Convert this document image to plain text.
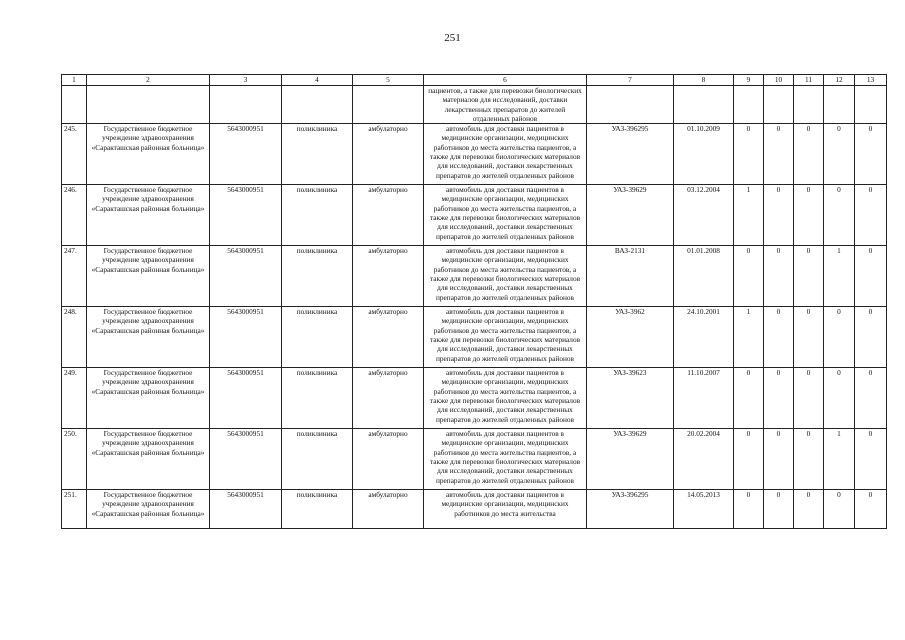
251
1	2	3	4	5	6	7	8	9	10	11	12	13
					пациентов, а также для перевозки биологических материалов для исследований, доставки лекарственных препаратов до жителей отдаленных районов							
245.	Государственное бюджетное учреждение здравоохранения «Саракташская районная больница»	5643000951	поликлиника	амбулаторно	автомобиль для доставки пациентов в медицинские организации, медицинских работников до места жительства пациентов, а также для перевозки биологических материалов для исследований, доставки лекарственных препаратов до жителей отдаленных районов	УАЗ-396295	01.10.2009	0	0	0	0	0
246.	Государственное бюджетное учреждение здравоохранения «Саракташская районная больница»	5643000951	поликлиника	амбулаторно	автомобиль для доставки пациентов в медицинские организации, медицинских работников до места жительства пациентов, а также для перевозки биологических материалов для исследований, доставки лекарственных препаратов до жителей отдаленных районов	УАЗ-39629	03.12.2004	1	0	0	0	0
247.	Государственное бюджетное учреждение здравоохранения «Саракташская районная больница»	5643000951	поликлиника	амбулаторно	автомобиль для доставки пациентов в медицинские организации, медицинских работников до места жительства пациентов, а также для перевозки биологических материалов для исследований, доставки лекарственных препаратов до жителей отдаленных районов	ВАЗ-2131	01.01.2008	0	0	0	1	0
248.	Государственное бюджетное учреждение здравоохранения «Саракташская районная больница»	5643000951	поликлиника	амбулаторно	автомобиль для доставки пациентов в медицинские организации, медицинских работников до места жительства пациентов, а также для перевозки биологических материалов для исследований, доставки лекарственных препаратов до жителей отдаленных районов	УАЗ-3962	24.10.2001	1	0	0	0	0
249.	Государственное бюджетное учреждение здравоохранения «Саракташская районная больница»	5643000951	поликлиника	амбулаторно	автомобиль для доставки пациентов в медицинские организации, медицинских работников до места жительства пациентов, а также для перевозки биологических материалов для исследований, доставки лекарственных препаратов до жителей отдаленных районов	УАЗ-39623	11.10.2007	0	0	0	0	0
250.	Государственное бюджетное учреждение здравоохранения «Саракташская районная больница»	5643000951	поликлиника	амбулаторно	автомобиль для доставки пациентов в медицинские организации, медицинских работников до места жительства пациентов, а также для перевозки биологических материалов для исследований, доставки лекарственных препаратов до жителей отдаленных районов	УАЗ-39629	20.02.2004	0	0	0	1	0
251.	Государственное бюджетное учреждение здравоохранения «Саракташская районная больница»	5643000951	поликлиника	амбулаторно	автомобиль для доставки пациентов в медицинские организации, медицинских работников до места жительства	УАЗ-396295	14.05.2013	0	0	0	0	0
